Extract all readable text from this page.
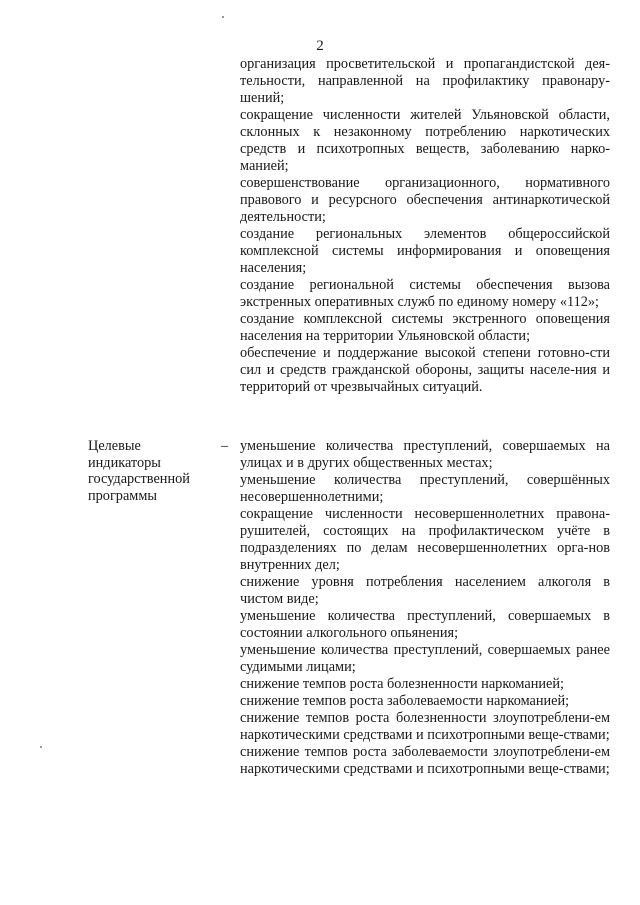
2

организация просветительской и пропагандистской дея-тельности, направленной на профилактику правонару-шений;

сокращение численности жителей Ульяновской области, склонных к незаконному потреблению наркотических средств и психотропных веществ, заболеванию нарко-манией;

совершенствование организационного, нормативного правового и ресурсного обеспечения антинаркотической деятельности;

создание региональных элементов общероссийской комплексной системы информирования и оповещения населения;

создание региональной системы обеспечения вызова экстренных оперативных служб по единому номеру «112»;

создание комплексной системы экстренного оповещения населения на территории Ульяновской области;

обеспечение и поддержание высокой степени готовно-сти сил и средств гражданской обороны, защиты населе-ния и территорий от чрезвычайных ситуаций.

Целевые индикаторы государственной программы
– уменьшение количества преступлений, совершаемых на улицах и в других общественных местах;

уменьшение количества преступлений, совершённых несовершеннолетними;

сокращение численности несовершеннолетних правона-рушителей, состоящих на профилактическом учёте в подразделениях по делам несовершеннолетних орга-нов внутренних дел;

снижение уровня потребления населением алкоголя в чистом виде;

уменьшение количества преступлений, совершаемых в состоянии алкогольного опьянения;

уменьшение количества преступлений, совершаемых ранее судимыми лицами;

снижение темпов роста болезненности наркоманией;

снижение темпов роста заболеваемости наркоманией;

снижение темпов роста болезненности злоупотреблени-ем наркотическими средствами и психотропными веще-ствами;

снижение темпов роста заболеваемости злоупотреблени-ем наркотическими средствами и психотропными веще-ствами;
